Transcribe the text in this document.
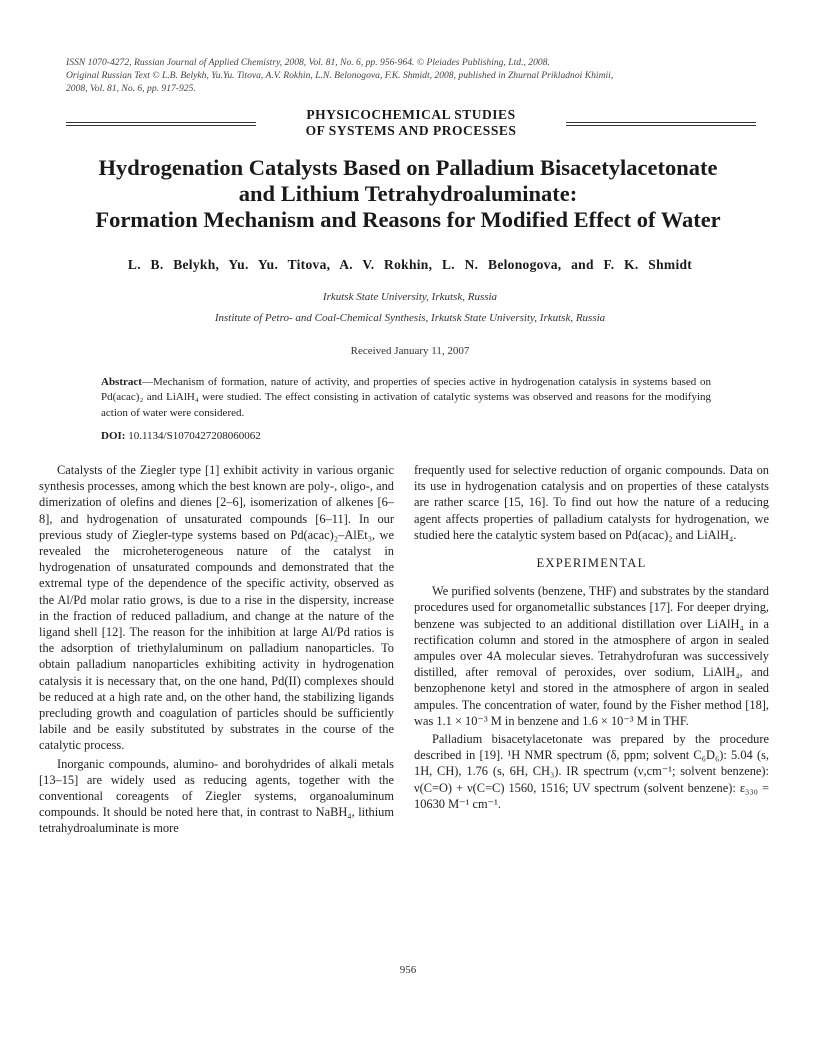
ISSN 1070-4272, Russian Journal of Applied Chemistry, 2008, Vol. 81, No. 6, pp. 956-964. © Pleiades Publishing, Ltd., 2008.
Original Russian Text © L.B. Belykh, Yu.Yu. Titova, A.V. Rokhin, L.N. Belonogova, F.K. Shmidt, 2008, published in Zhurnal Prikladnoi Khimii,
2008, Vol. 81, No. 6, pp. 917-925.
PHYSICOCHEMICAL STUDIES
OF SYSTEMS AND PROCESSES
Hydrogenation Catalysts Based on Palladium Bisacetylacetonate
and Lithium Tetrahydroaluminate:
Formation Mechanism and Reasons for Modified Effect of Water
L. B. Belykh, Yu. Yu. Titova, A. V. Rokhin, L. N. Belonogova, and F. K. Shmidt
Irkutsk State University, Irkutsk, Russia
Institute of Petro- and Coal-Chemical Synthesis, Irkutsk State University, Irkutsk, Russia
Received January 11, 2007
Abstract—Mechanism of formation, nature of activity, and properties of species active in hydrogenation catalysis in systems based on Pd(acac)₂ and LiAlH₄ were studied. The effect consisting in activation of catalytic systems was observed and reasons for the modifying action of water were considered.
DOI: 10.1134/S1070427208060062

Catalysts of the Ziegler type [1] exhibit activity in various organic synthesis processes, among which the best known are poly-, oligo-, and dimerization of olefins and dienes [2–6], isomerization of alkenes [6–8], and hydrogenation of unsaturated compounds [6–11]. In our previous study of Ziegler-type systems based on Pd(acac)₂–AlEt₃, we revealed the microheterogeneous nature of the catalyst in hydrogenation of unsaturated compounds and demonstrated that the extremal type of the dependence of the specific activity, observed as the Al/Pd molar ratio grows, is due to a rise in the dispersity, increase in the fraction of reduced palladium, and change at the nature of the ligand shell [12]. The reason for the inhibition at large Al/Pd ratios is the adsorption of triethylaluminum on palladium nanoparticles. To obtain palladium nanoparticles exhibiting activity in hydrogenation catalysis it is necessary that, on the one hand, Pd(II) complexes should be reduced at a high rate and, on the other hand, the stabilizing ligands precluding growth and coagulation of particles should be sufficiently labile and be easily substituted by substrates in the course of the catalytic process.

Inorganic compounds, alumino- and borohydrides of alkali metals [13–15] are widely used as reducing agents, together with the conventional coreagents of Ziegler systems, organoaluminum compounds. It should be noted here that, in contrast to NaBH₄, lithium tetrahydroaluminate is more

frequently used for selective reduction of organic compounds. Data on its use in hydrogenation catalysis and on properties of these catalysts are rather scarce [15, 16]. To find out how the nature of a reducing agent affects properties of palladium catalysts for hydrogenation, we studied here the catalytic system based on Pd(acac)₂ and LiAlH₄.

EXPERIMENTAL

We purified solvents (benzene, THF) and substrates by the standard procedures used for organometallic substances [17]. For deeper drying, benzene was subjected to an additional distillation over LiAlH₄ in a rectification column and stored in the atmosphere of argon in sealed ampules over 4A molecular sieves. Tetrahydrofuran was successively distilled, after removal of peroxides, over sodium, LiAlH₄, and benzophenone ketyl and stored in the atmosphere of argon in sealed ampules. The concentration of water, found by the Fisher method [18], was 1.1 × 10⁻³ M in benzene and 1.6 × 10⁻³ M in THF.

Palladium bisacetylacetonate was prepared by the procedure described in [19]. ¹H NMR spectrum (δ, ppm; solvent C₆D₆): 5.04 (s, 1H, CH), 1.76 (s, 6H, CH₃). IR spectrum (ν,cm⁻¹; solvent benzene): ν(C=O) + ν(C=C) 1560, 1516; UV spectrum (solvent benzene): ε₃₃₀ = 10630 M⁻¹ cm⁻¹.

956
